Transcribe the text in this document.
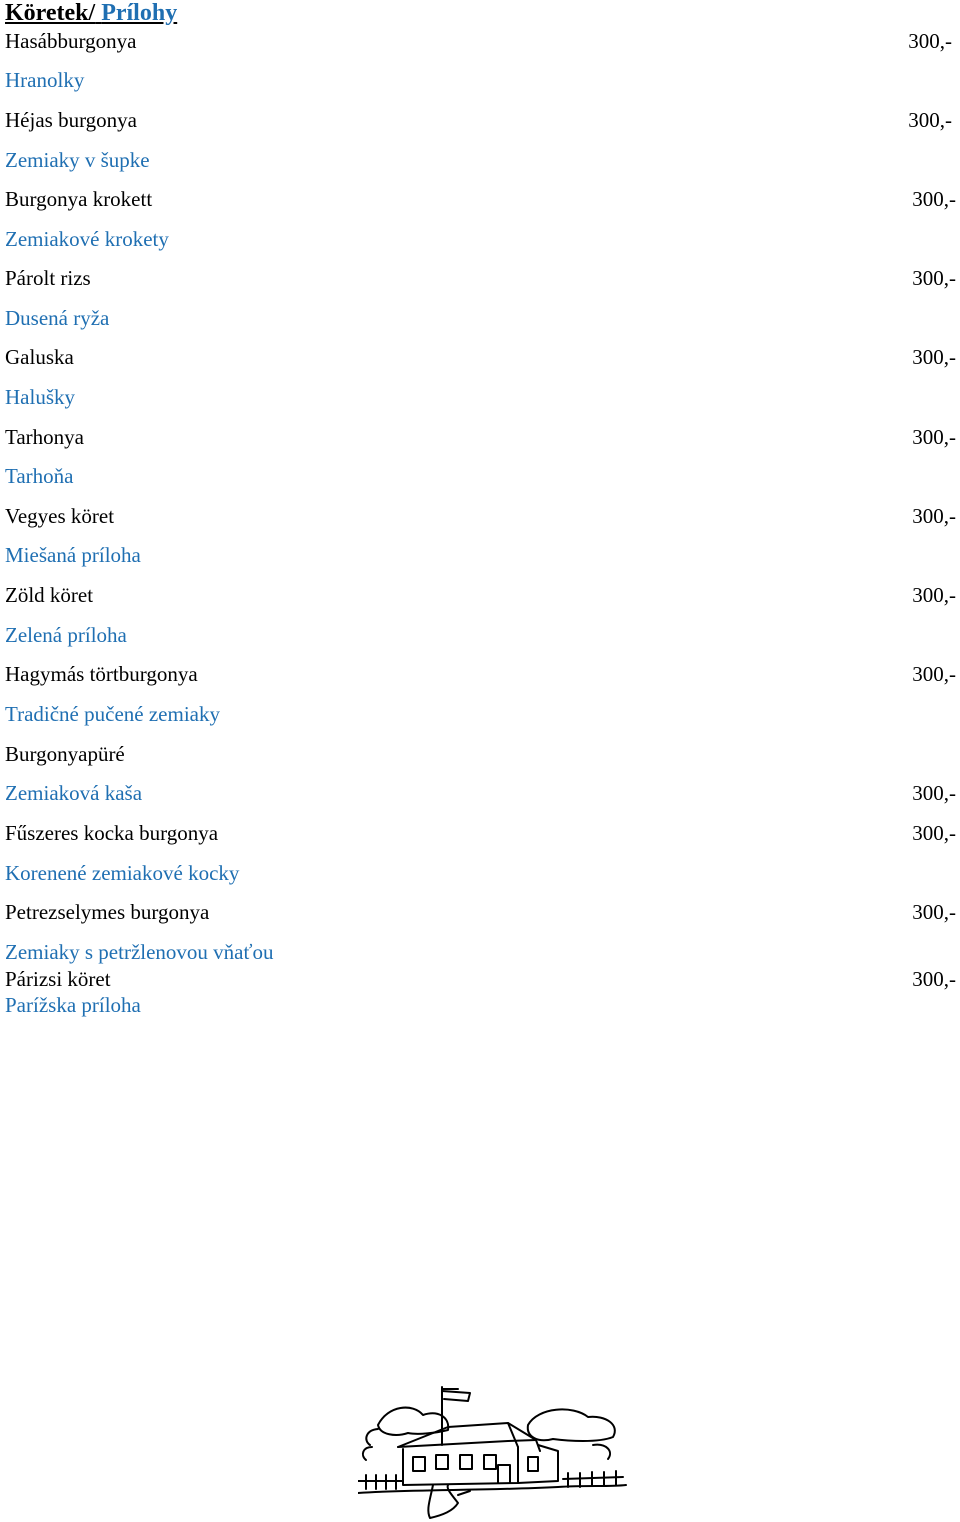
Köretek/ Prílohy
Hasábburgonya	300,-
Hranolky
Héjas burgonya	300,-
Zemiaky v šupke
Burgonya krokett	300,-
Zemiakové krokety
Párolt rizs	300,-
Dusená ryža
Galuska	300,-
Halušky
Tarhonya	300,-
Tarhoňa
Vegyes köret	300,-
Miešaná príloha
Zöld köret	300,-
Zelená príloha
Hagymás törtburgonya	300,-
Tradičné pučené zemiaky
Burgonyapüré
Zemiaková kaša	300,-
Fűszeres kocka burgonya	300,-
Korenené zemiakové kocky
Petrezselymes burgonya	300,-
Zemiaky s petržlenovou vňaťou
Párizsi köret	300,-
Parížska príloha
